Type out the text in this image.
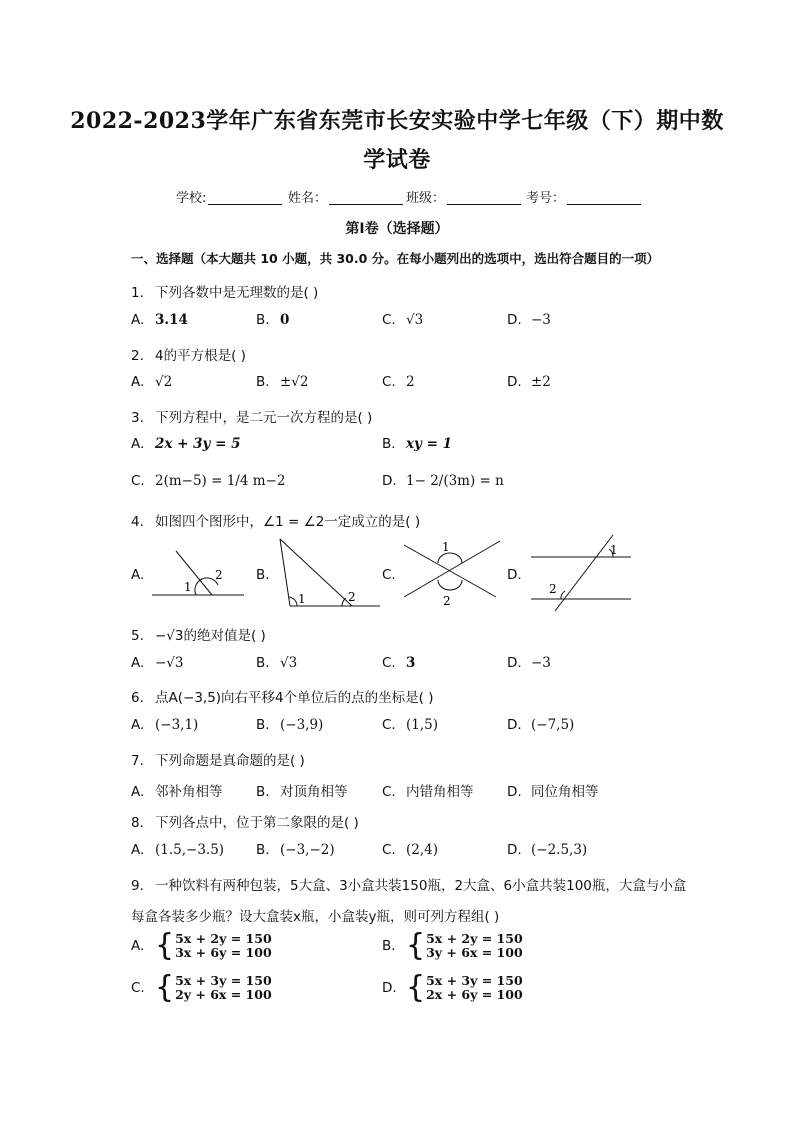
2022-2023学年广东省东莞市长安实验中学七年级（下）期中数
学试卷
学校:	姓名：	班级：	考号：
第Ⅰ卷（选择题）
一、选择题（本大题共 10 小题，共 30.0 分。在每小题列出的选项中，选出符合题目的一项）
1. 下列各数中是无理数的是( )
A. 3.14	B. 0	C. √3	D. −3
2. 4的平方根是( )
A. √2	B. ±√2	C. 2	D. ±2
3. 下列方程中，是二元一次方程的是( )
A. 2x + 3y = 5	B. xy = 1
C. 2(m−5) = 1/4 m−2	D. 1− 2/(3m) = n
4. 如图四个图形中，∠1 = ∠2一定成立的是( )
A.
1
2 B.
1	2
C.
1
2
D.
1
2
5. −√3的绝对值是( )
A. −√3	B. √3	C. 3	D. −3
6. 点A(−3,5)向右平移4个单位后的点的坐标是( )
A. (−3,1)	B. (−3,9)	C. (1,5)	D. (−7,5)
7. 下列命题是真命题的是( )
A. 邻补角相等 B. 对顶角相等	C. 内错角相等 D. 同位角相等
8. 下列各点中，位于第二象限的是( )
A. (1.5,−3.5) B. (−3,−2)	C. (2,4)	D. (−2.5,3)
9. 一种饮料有两种包装，5大盒、3小盒共装150瓶，2大盒、6小盒共装100瓶，大盒与小盒
每盒各装多少瓶？设大盒装x瓶，小盒装y瓶，则可列方程组( )
A. { 5x + 2y = 150
3x + 6y = 100	B. { 5x + 2y = 150
3y + 6x = 100
C. { 5x + 3y = 150
2y + 6x = 100	D. { 5x + 3y = 150
2x + 6y = 100
